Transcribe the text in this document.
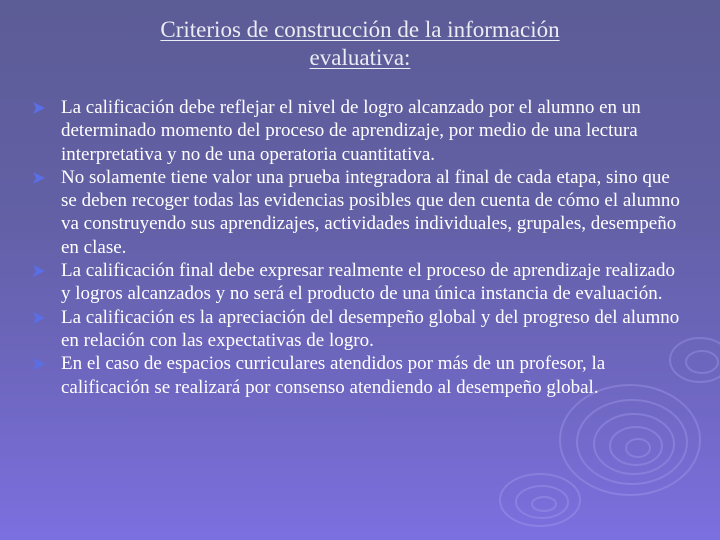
Criterios de construcción de la información
evaluativa:
La calificación debe reflejar el nivel de logro alcanzado por el alumno en un determinado momento del proceso de aprendizaje, por medio de una lectura interpretativa y no de una operatoria cuantitativa.
No solamente tiene valor una prueba integradora al final de cada etapa, sino que se deben recoger todas las evidencias posibles que den cuenta de cómo el alumno va construyendo sus aprendizajes, actividades individuales, grupales, desempeño en clase.
La calificación final debe expresar realmente el proceso de aprendizaje realizado y logros alcanzados y no será el producto de una única instancia de evaluación.
La calificación es la apreciación del desempeño global y del progreso del alumno en relación con las expectativas de logro.
En el caso de espacios curriculares atendidos por más de un profesor, la calificación se realizará por consenso atendiendo al desempeño global.
